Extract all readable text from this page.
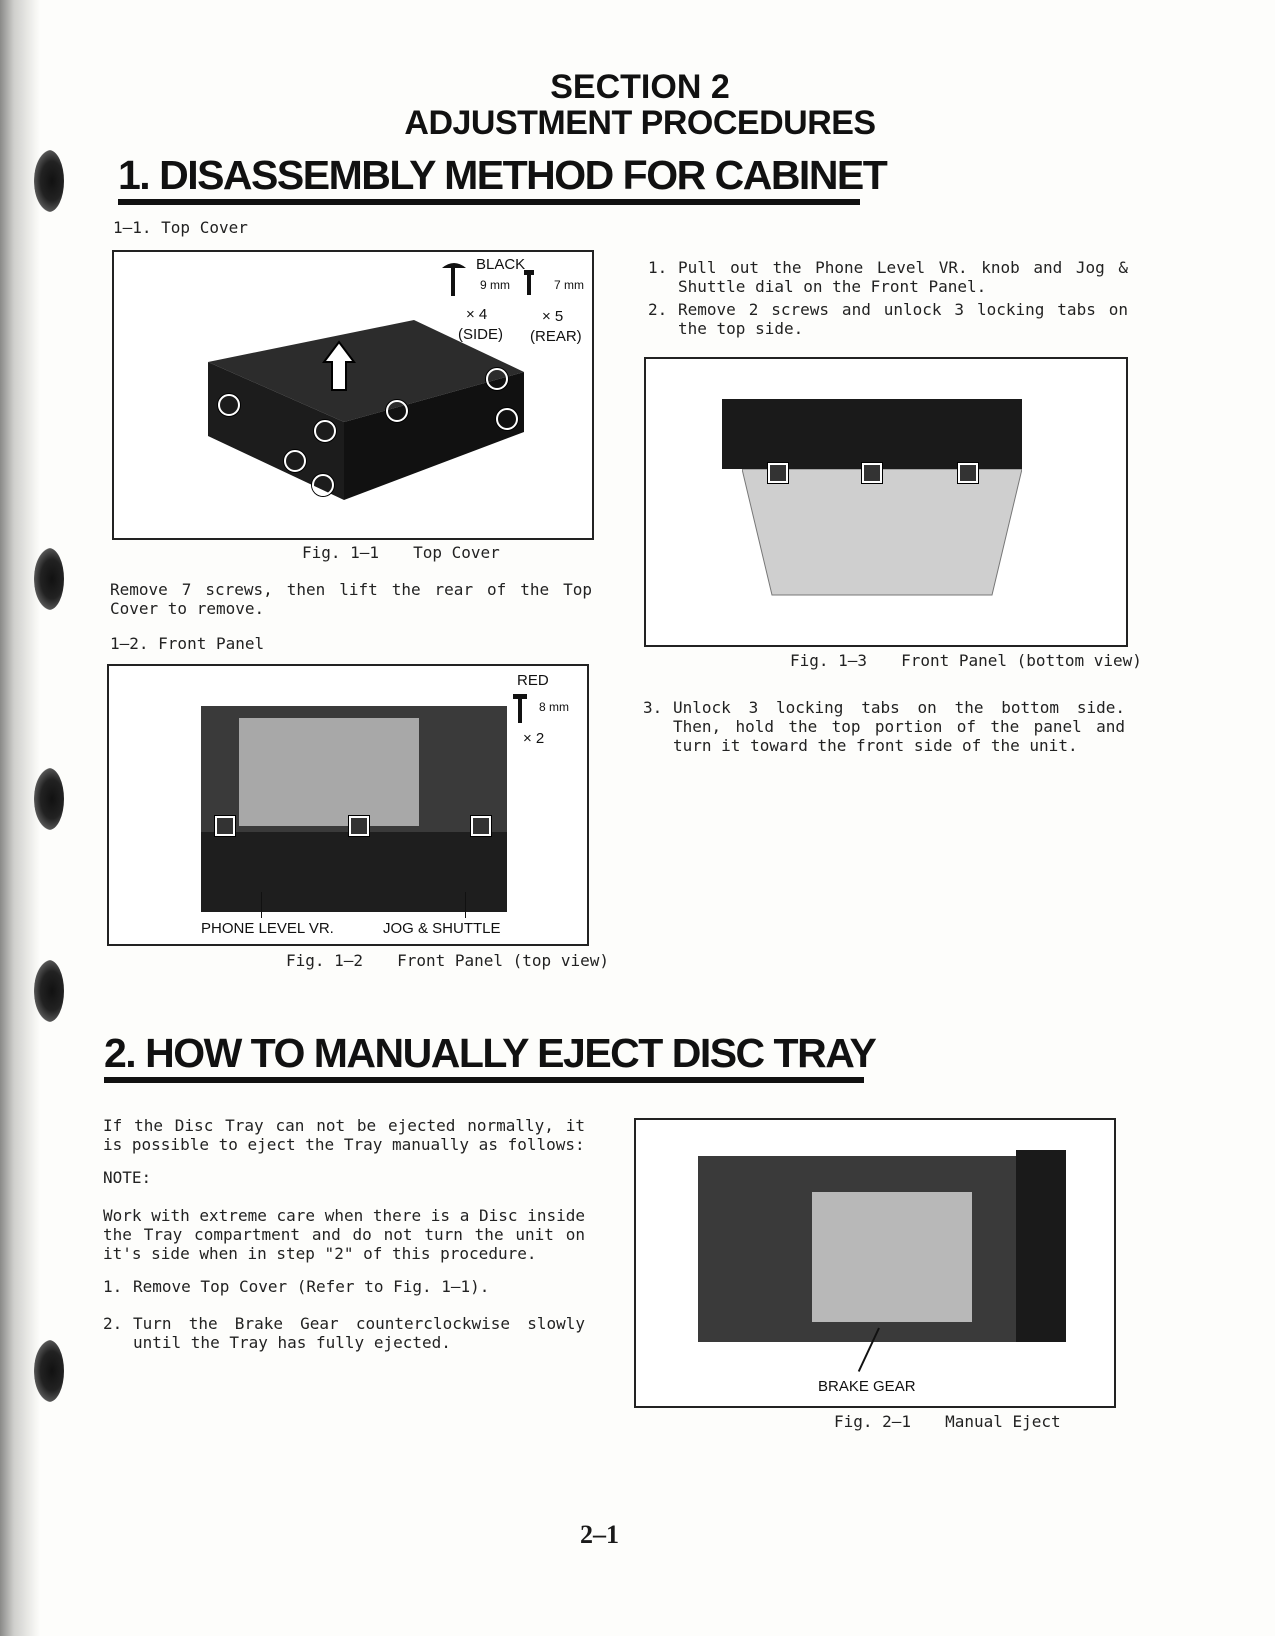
SECTION 2
ADJUSTMENT PROCEDURES
1. DISASSEMBLY METHOD FOR CABINET
1–1. Top Cover
BLACK
9 mm	7 mm
× 4	× 5
(SIDE) (REAR)
Fig. 1–1 Top Cover
Remove 7 screws, then lift the rear of the Top Cover to remove.
1–2. Front Panel
RED
8 mm
× 2
PHONE LEVEL VR.	JOG & SHUTTLE
Fig. 1–2 Front Panel (top view)
1. Pull out the Phone Level VR. knob and Jog & Shuttle dial on the Front Panel.
2. Remove 2 screws and unlock 3 locking tabs on the top side.
Fig. 1–3 Front Panel (bottom view)
3. Unlock 3 locking tabs on the bottom side. Then, hold the top portion of the panel and turn it toward the front side of the unit.
2. HOW TO MANUALLY EJECT DISC TRAY
If the Disc Tray can not be ejected normally, it is possible to eject the Tray manually as follows:
NOTE:
Work with extreme care when there is a Disc inside the Tray compartment and do not turn the unit on it's side when in step "2" of this procedure.
1. Remove Top Cover (Refer to Fig. 1–1).
2. Turn the Brake Gear counterclockwise slowly until the Tray has fully ejected.
BRAKE GEAR
Fig. 2–1 Manual Eject
2–1
